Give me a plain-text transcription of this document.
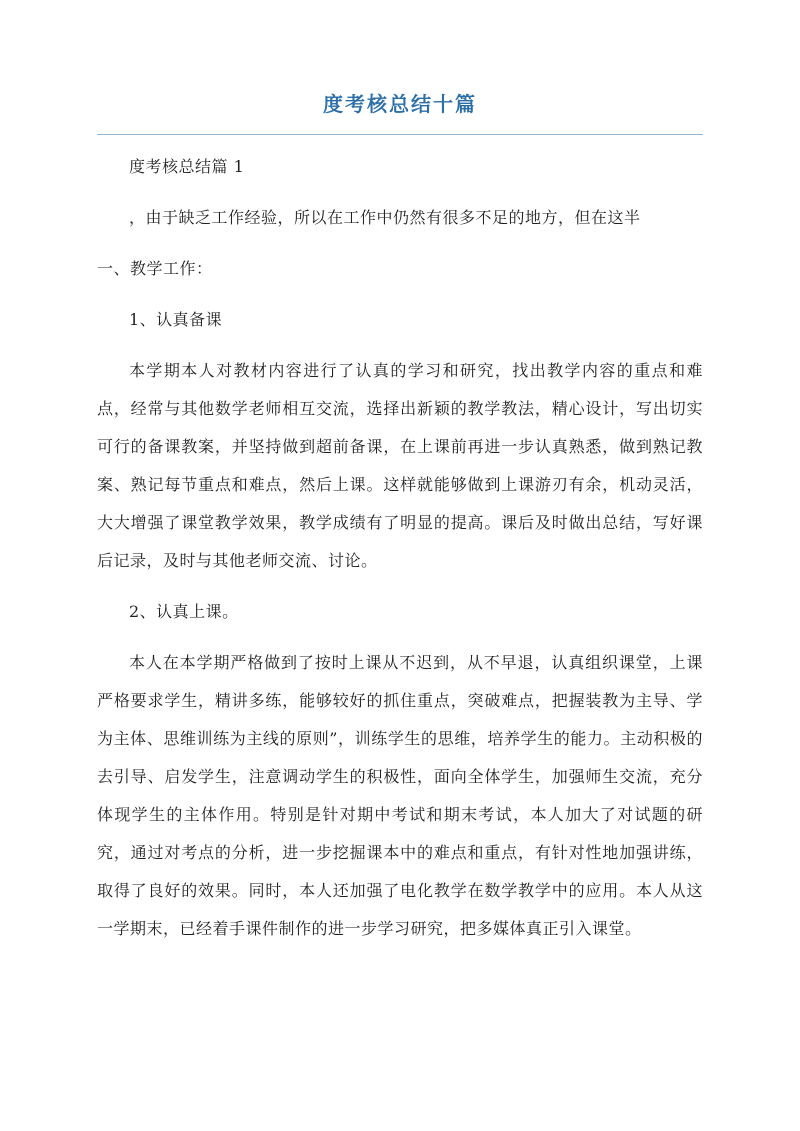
度考核总结十篇

度考核总结篇 1

，由于缺乏工作经验，所以在工作中仍然有很多不足的地方，但在这半

一、教学工作：

1、认真备课

本学期本人对教材内容进行了认真的学习和研究，找出教学内容的重点和难点，经常与其他数学老师相互交流，选择出新颖的教学教法，精心设计，写出切实可行的备课教案，并坚持做到超前备课，在上课前再进一步认真熟悉，做到熟记教案、熟记每节重点和难点，然后上课。这样就能够做到上课游刃有余，机动灵活，大大增强了课堂教学效果，教学成绩有了明显的提高。课后及时做出总结，写好课后记录，及时与其他老师交流、讨论。

2、认真上课。

本人在本学期严格做到了按时上课从不迟到，从不早退，认真组织课堂，上课严格要求学生，精讲多练，能够较好的抓住重点，突破难点，把握装教为主导、学为主体、思维训练为主线的原则”，训练学生的思维，培养学生的能力。主动积极的去引导、启发学生，注意调动学生的积极性，面向全体学生，加强师生交流，充分体现学生的主体作用。特别是针对期中考试和期末考试，本人加大了对试题的研究，通过对考点的分析，进一步挖掘课本中的难点和重点，有针对性地加强讲练，取得了良好的效果。同时，本人还加强了电化教学在数学教学中的应用。本人从这一学期末，已经着手课件制作的进一步学习研究，把多媒体真正引入课堂。
